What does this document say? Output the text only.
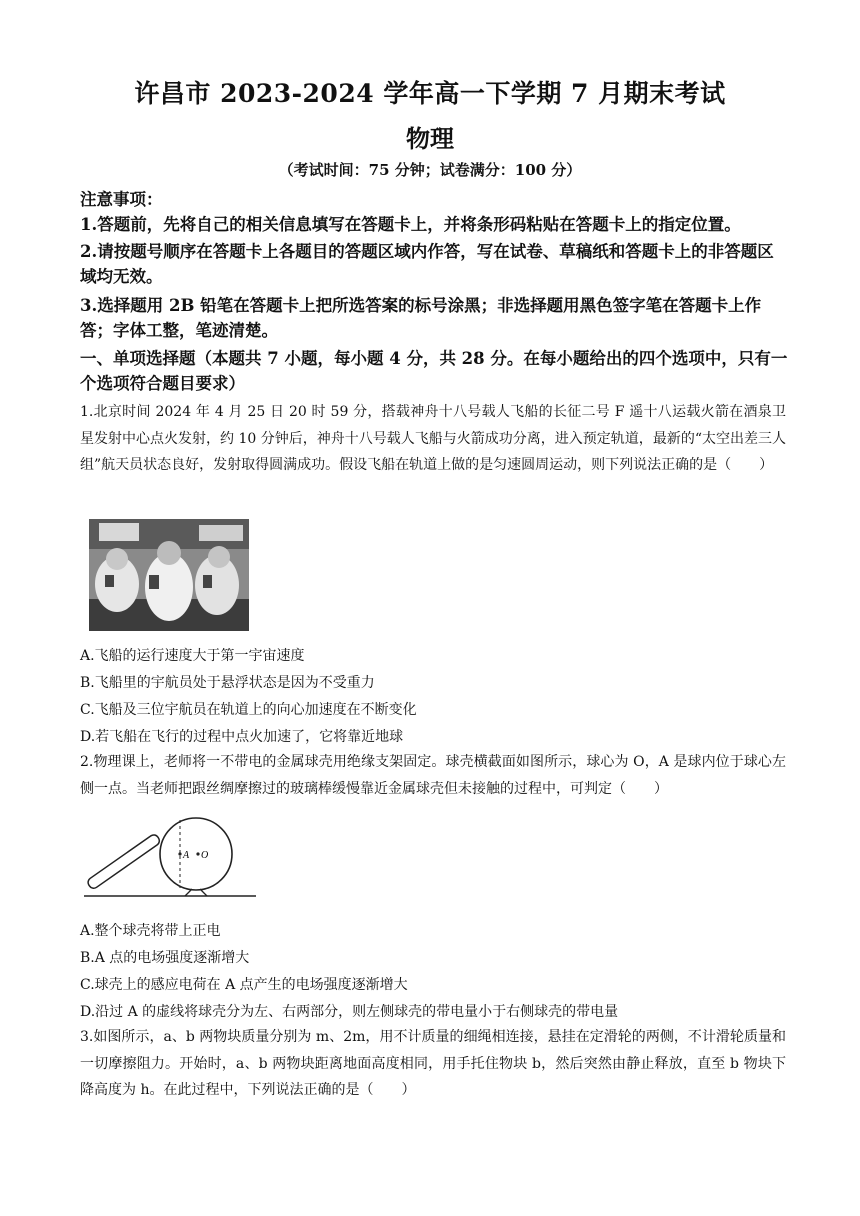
许昌市 2023-2024 学年高一下学期 7 月期末考试
物理
（考试时间：75 分钟；试卷满分：100 分）
注意事项：
1.答题前，先将自己的相关信息填写在答题卡上，并将条形码粘贴在答题卡上的指定位置。
2.请按题号顺序在答题卡上各题目的答题区域内作答，写在试卷、草稿纸和答题卡上的非答题区域均无效。
3.选择题用 2B 铅笔在答题卡上把所选答案的标号涂黑；非选择题用黑色签字笔在答题卡上作答；字体工整，笔迹清楚。
一、单项选择题（本题共 7 小题，每小题 4 分，共 28 分。在每小题给出的四个选项中，只有一个选项符合题目要求）
1.北京时间 2024 年 4 月 25 日 20 时 59 分，搭载神舟十八号载人飞船的长征二号 F 遥十八运载火箭在酒泉卫星发射中心点火发射，约 10 分钟后，神舟十八号载人飞船与火箭成功分离，进入预定轨道，最新的“太空出差三人组”航天员状态良好，发射取得圆满成功。假设飞船在轨道上做的是匀速圆周运动，则下列说法正确的是（　　）
A.飞船的运行速度大于第一宇宙速度
B.飞船里的宇航员处于悬浮状态是因为不受重力
C.飞船及三位宇航员在轨道上的向心加速度在不断变化
D.若飞船在飞行的过程中点火加速了，它将靠近地球
2.物理课上，老师将一不带电的金属球壳用绝缘支架固定。球壳横截面如图所示，球心为 O，A 是球内位于球心左侧一点。当老师把跟丝绸摩擦过的玻璃棒缓慢靠近金属球壳但未接触的过程中，可判定（　　）
A O
A.整个球壳将带上正电
B.A 点的电场强度逐渐增大
C.球壳上的感应电荷在 A 点产生的电场强度逐渐增大
D.沿过 A 的虚线将球壳分为左、右两部分，则左侧球壳的带电量小于右侧球壳的带电量
3.如图所示，a、b 两物块质量分别为 m、2m，用不计质量的细绳相连接，悬挂在定滑轮的两侧，不计滑轮质量和一切摩擦阻力。开始时，a、b 两物块距离地面高度相同，用手托住物块 b，然后突然由静止释放，直至 b 物块下降高度为 h。在此过程中，下列说法正确的是（　　）
